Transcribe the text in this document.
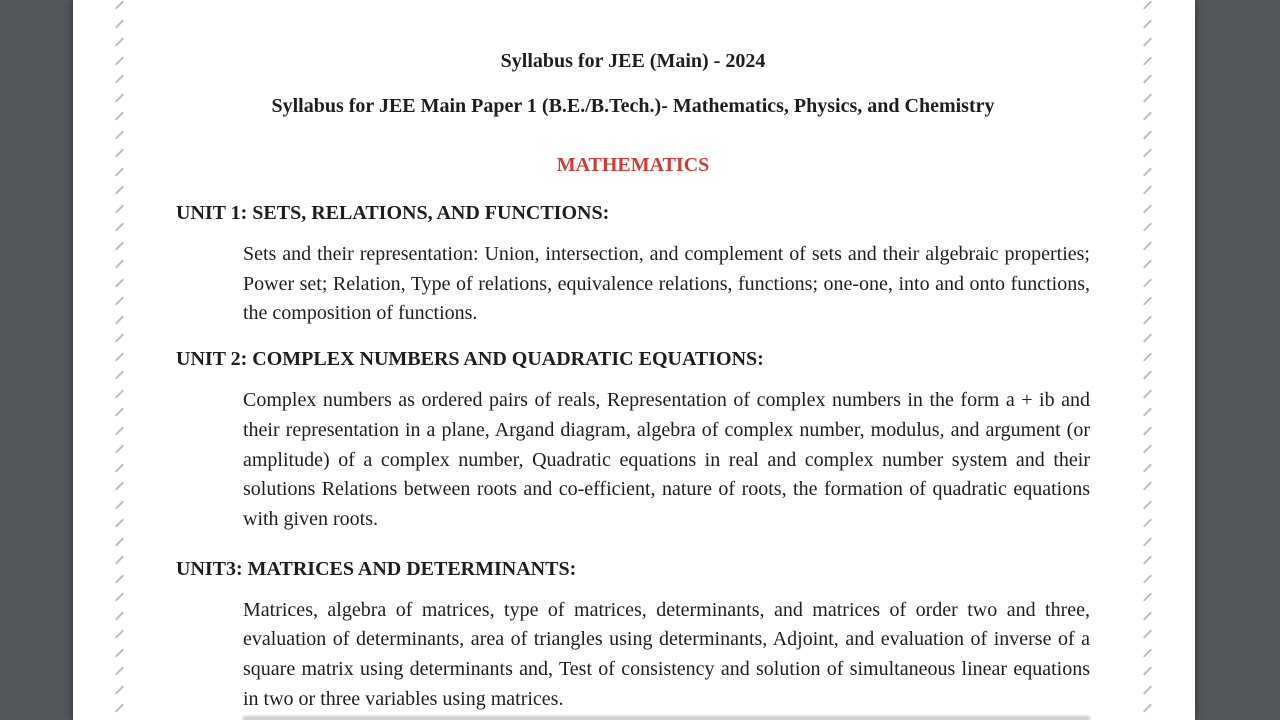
Syllabus for JEE (Main) - 2024
Syllabus for JEE Main Paper 1 (B.E./B.Tech.)- Mathematics, Physics, and Chemistry
MATHEMATICS
UNIT 1: SETS, RELATIONS, AND FUNCTIONS:

Sets and their representation: Union, intersection, and complement of sets and their algebraic properties; Power set; Relation, Type of relations, equivalence relations, functions; one-one, into and onto functions, the composition of functions.

UNIT 2: COMPLEX NUMBERS AND QUADRATIC EQUATIONS:

Complex numbers as ordered pairs of reals, Representation of complex numbers in the form a + ib and their representation in a plane, Argand diagram, algebra of complex number, modulus, and argument (or amplitude) of a complex number, Quadratic equations in real and complex number system and their solutions Relations between roots and co-efficient, nature of roots, the formation of quadratic equations with given roots.

UNIT3: MATRICES AND DETERMINANTS:

Matrices, algebra of matrices, type of matrices, determinants, and matrices of order two and three, evaluation of determinants, area of triangles using determinants, Adjoint, and evaluation of inverse of a square matrix using determinants and, Test of consistency and solution of simultaneous linear equations in two or three variables using matrices.
